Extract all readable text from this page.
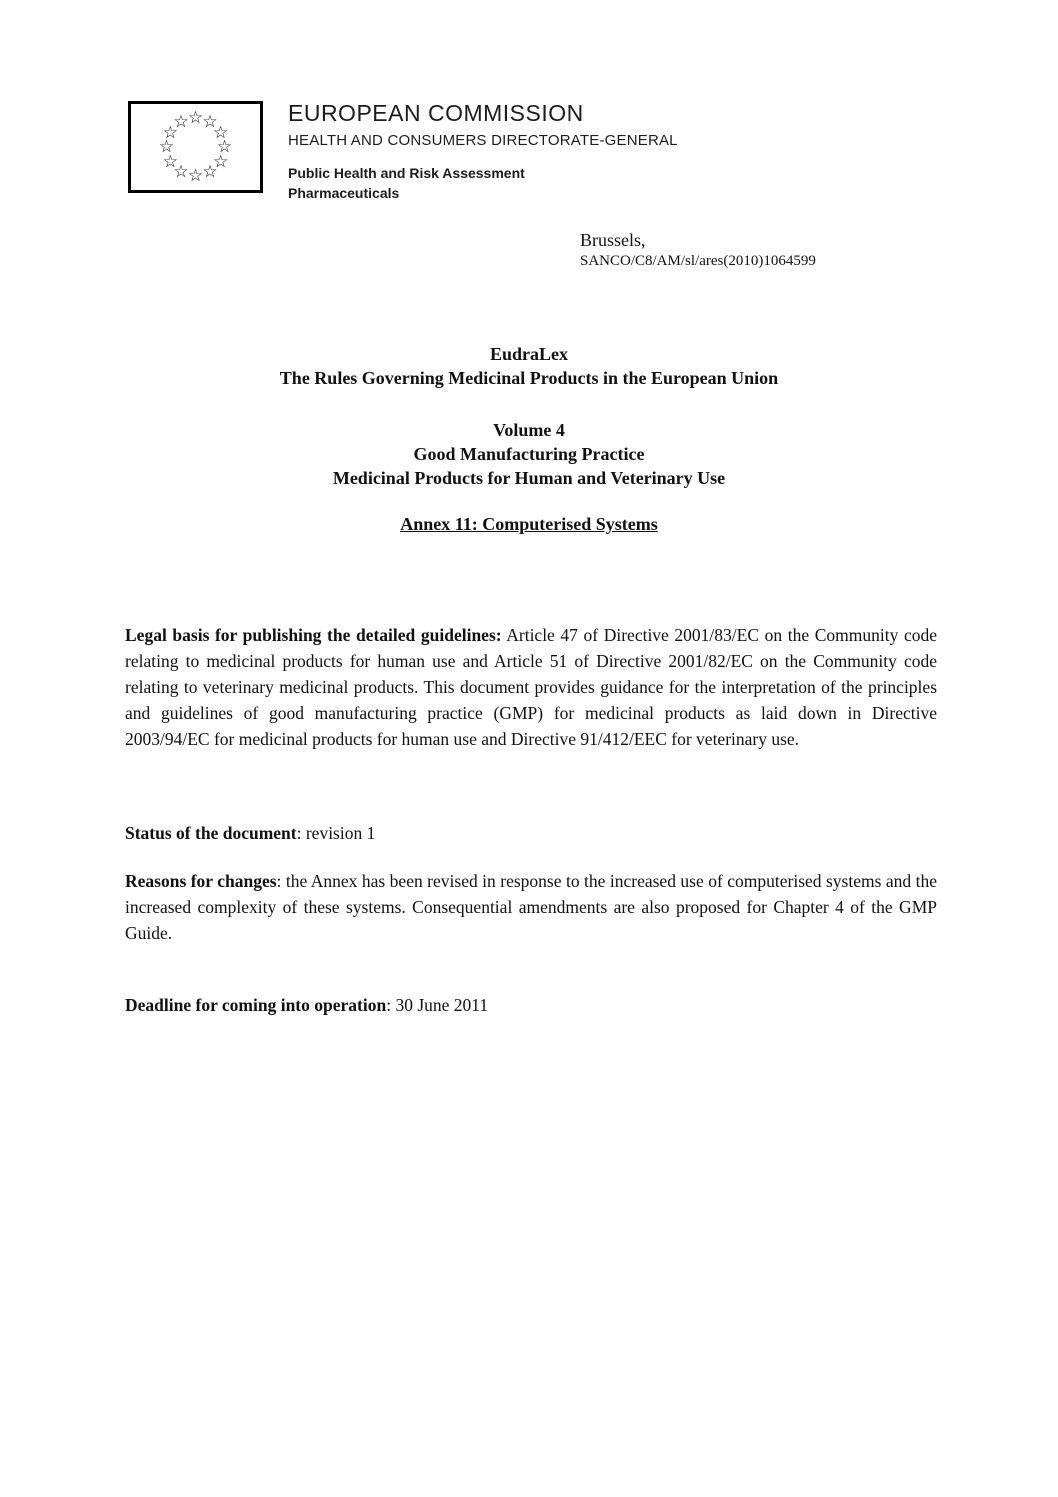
☆ ☆
☆
☆
☆
☆
☆
☆
☆
☆
☆
☆	EUROPEAN COMMISSION
HEALTH AND CONSUMERS DIRECTORATE-GENERAL
Public Health and Risk Assessment
Pharmaceuticals
Brussels,
SANCO/C8/AM/sl/ares(2010)1064599
EudraLex
The Rules Governing Medicinal Products in the European Union
Volume 4
Good Manufacturing Practice
Medicinal Products for Human and Veterinary Use
Annex 11: Computerised Systems

Legal basis for publishing the detailed guidelines: Article 47 of Directive 2001/83/EC on the Community code relating to medicinal products for human use and Article 51 of Directive 2001/82/EC on the Community code relating to veterinary medicinal products. This document provides guidance for the interpretation of the principles and guidelines of good manufacturing practice (GMP) for medicinal products as laid down in Directive 2003/94/EC for medicinal products for human use and Directive 91/412/EEC for veterinary use.

Status of the document: revision 1

Reasons for changes: the Annex has been revised in response to the increased use of computerised systems and the increased complexity of these systems. Consequential amendments are also proposed for Chapter 4 of the GMP Guide.

Deadline for coming into operation: 30 June 2011
